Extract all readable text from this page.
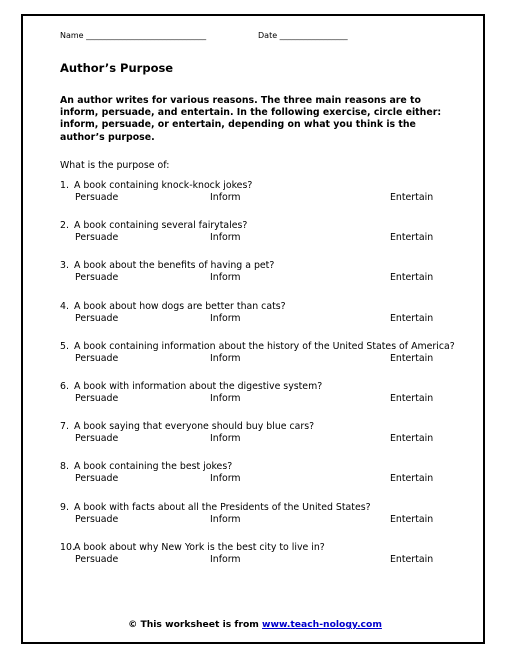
Name ______________________________	Date _________________
Author’s Purpose

An author writes for various reasons. The three main reasons are to inform, persuade, and entertain. In the following exercise, circle either: inform, persuade, or entertain, depending on what you think is the author’s purpose.

What is the purpose of:
1. A book containing knock-knock jokes?
Persuade	Inform	Entertain
2. A book containing several fairytales?
Persuade	Inform	Entertain
3. A book about the benefits of having a pet?
Persuade	Inform	Entertain
4. A book about how dogs are better than cats?
Persuade	Inform	Entertain
5. A book containing information about the history of the United States of America?
Persuade	Inform	Entertain
6. A book with information about the digestive system?
Persuade	Inform	Entertain
7. A book saying that everyone should buy blue cars?
Persuade	Inform	Entertain
8. A book containing the best jokes?
Persuade	Inform	Entertain
9. A book with facts about all the Presidents of the United States?
Persuade	Inform	Entertain
10.A book about why New York is the best city to live in?
Persuade	Inform	Entertain
© This worksheet is from www.teach-nology.com
